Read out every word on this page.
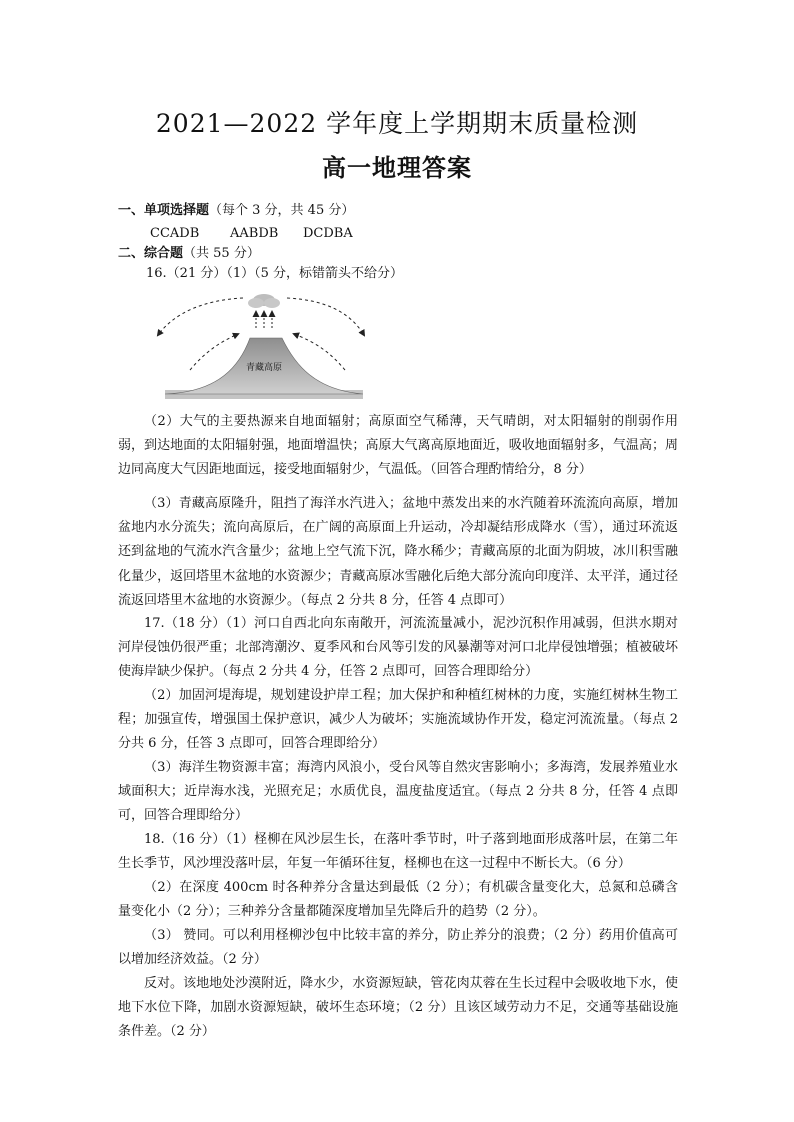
2021—2022 学年度上学期期末质量检测
高一地理答案
一、单项选择题（每个 3 分，共 45 分）
CCADB AABDB DCDBA
二、综合题（共 55 分）
16.（21 分）（1）（5 分，标错箭头不给分）
青藏高原
（2）大气的主要热源来自地面辐射；高原面空气稀薄，天气晴朗，对太阳辐射的削弱作用弱，到达地面的太阳辐射强，地面增温快；高原大气离高原地面近，吸收地面辐射多，气温高；周边同高度大气因距地面远，接受地面辐射少，气温低。（回答合理酌情给分，8 分）
（3）青藏高原隆升，阻挡了海洋水汽进入；盆地中蒸发出来的水汽随着环流流向高原，增加盆地内水分流失；流向高原后，在广阔的高原面上升运动，冷却凝结形成降水（雪），通过环流返还到盆地的气流水汽含量少；盆地上空气流下沉，降水稀少；青藏高原的北面为阴坡，冰川积雪融化量少，返回塔里木盆地的水资源少；青藏高原冰雪融化后绝大部分流向印度洋、太平洋，通过径流返回塔里木盆地的水资源少。（每点 2 分共 8 分，任答 4 点即可）
17.（18 分）（1）河口自西北向东南敞开，河流流量减小，泥沙沉积作用减弱，但洪水期对河岸侵蚀仍很严重；北部湾潮汐、夏季风和台风等引发的风暴潮等对河口北岸侵蚀增强；植被破坏使海岸缺少保护。（每点 2 分共 4 分，任答 2 点即可，回答合理即给分）
（2）加固河堤海堤，规划建设护岸工程；加大保护和种植红树林的力度，实施红树林生物工程；加强宣传，增强国土保护意识，减少人为破坏；实施流域协作开发，稳定河流流量。（每点 2 分共 6 分，任答 3 点即可，回答合理即给分）
（3）海洋生物资源丰富；海湾内风浪小，受台风等自然灾害影响小；多海湾，发展养殖业水域面积大；近岸海水浅，光照充足；水质优良，温度盐度适宜。（每点 2 分共 8 分，任答 4 点即可，回答合理即给分）
18.（16 分）（1）柽柳在风沙层生长，在落叶季节时，叶子落到地面形成落叶层，在第二年生长季节，风沙埋没落叶层，年复一年循环往复，柽柳也在这一过程中不断长大。（6 分）
（2）在深度 400cm 时各种养分含量达到最低（2 分）；有机碳含量变化大，总氮和总磷含量变化小（2 分）；三种养分含量都随深度增加呈先降后升的趋势（2 分）。
（3） 赞同。可以利用柽柳沙包中比较丰富的养分，防止养分的浪费；（2 分）药用价值高可以增加经济效益。（2 分）
反对。该地地处沙漠附近，降水少，水资源短缺，管花肉苁蓉在生长过程中会吸收地下水，使地下水位下降，加剧水资源短缺，破坏生态环境；（2 分）且该区域劳动力不足，交通等基础设施条件差。（2 分）
